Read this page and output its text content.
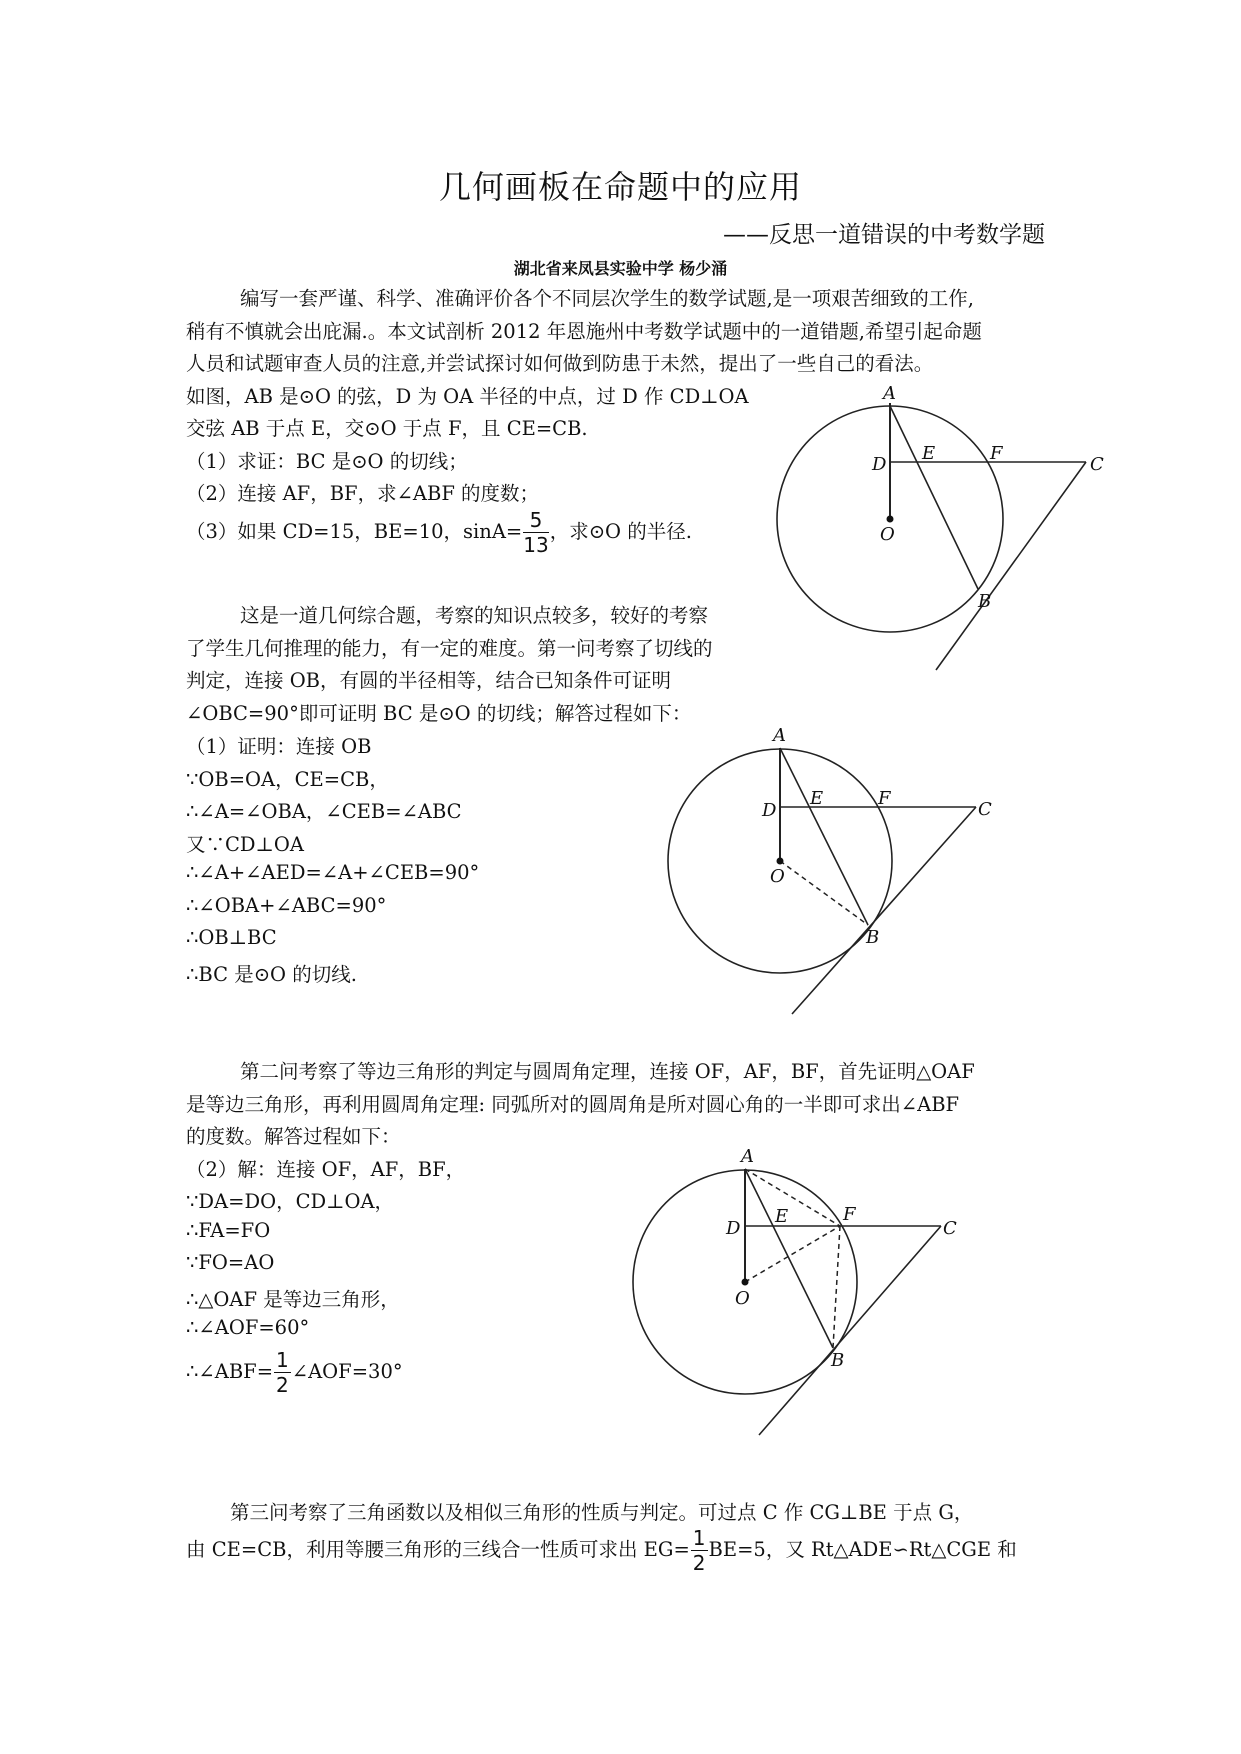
几何画板在命题中的应用
——反思一道错误的中考数学题
湖北省来凤县实验中学 杨少涌
编写一套严谨、科学、准确评价各个不同层次学生的数学试题,是一项艰苦细致的工作,
稍有不慎就会出庇漏.。本文试剖析 2012 年恩施州中考数学试题中的一道错题,希望引起命题
人员和试题审查人员的注意,并尝试探讨如何做到防患于未然，提出了一些自己的看法。
如图，AB 是⊙O 的弦，D 为 OA 半径的中点，过 D 作 CD⊥OA
交弦 AB 于点 E，交⊙O 于点 F，且 CE=CB.
（1）求证：BC 是⊙O 的切线；
（2）连接 AF，BF，求∠ABF 的度数；
（3）如果 CD=15，BE=10，$\sin A= \frac{5}{13}$ ，求⊙O 的半径.
A
D
E	F
C
O
B
这是一道几何综合题，考察的知识点较多，较好的考察
了学生几何推理的能力，有一定的难度。第一问考察了切线的
判定，连接 OB，有圆的半径相等，结合已知条件可证明
∠OBC=90°即可证明 BC 是⊙O 的切线；解答过程如下：
（1）证明：连接 OB
∵OB=OA，CE=CB，
∴∠A=∠OBA，∠CEB=∠ABC
又∵CD⊥OA
∴∠A+∠AED=∠A+∠CEB=90°
∴∠OBA+∠ABC=90°
∴OB⊥BC
∴BC 是⊙O 的切线.
A
D
E	F
C
O
B
第二问考察了等边三角形的判定与圆周角定理，连接 OF，AF，BF，首先证明△OAF
是等边三角形，再利用圆周角定理: 同弧所对的圆周角是所对圆心角的一半即可求出∠ABF
的度数。解答过程如下：
（2）解：连接 OF，AF，BF，
∵DA=DO，CD⊥OA，
∴FA=FO
∵FO=AO
∴△OAF 是等边三角形，
∴∠AOF=60°
∴∠ABF= $\frac{1}{2}$ ∠AOF=30°
A
D
E	F
C
O
B
第三问考察了三角函数以及相似三角形的性质与判定。可过点 C 作 CG⊥BE 于点 G，
由 CE=CB，利用等腰三角形的三线合一性质可求出 $EG= \frac{1}{2} BE=5$，又 Rt△ADE∽Rt△CGE 和
